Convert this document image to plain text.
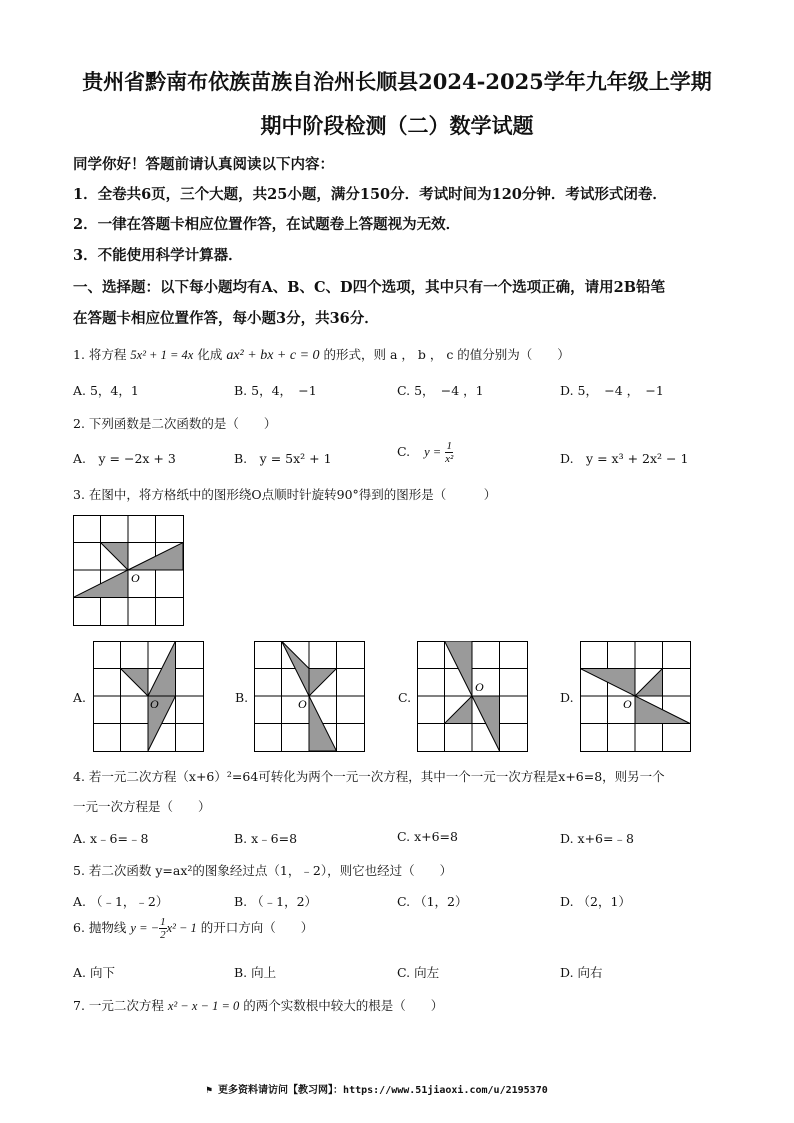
贵州省黔南布依族苗族自治州长顺县2024-2025学年九年级上学期
期中阶段检测（二）数学试题
同学你好！答题前请认真阅读以下内容：
1．全卷共6页，三个大题，共25小题，满分150分．考试时间为120分钟．考试形式闭卷．
2．一律在答题卡相应位置作答，在试题卷上答题视为无效．
3．不能使用科学计算器．
一、选择题：以下每小题均有A、B、C、D四个选项，其中只有一个选项正确，请用2B铅笔
在答题卡相应位置作答，每小题3分，共36分．
1. 将方程 5x² + 1 = 4x 化成 ax² + bx + c = 0 的形式，则 a ， b ， c 的值分别为（　　）
A. 5，4，1	B. 5，4，　−1	C. 5，　−4 ，1	D. 5，　−4 ，　−1
2. 下列函数是二次函数的是（　　）
A.　y = −2x + 3	B.　y = 5x² + 1	C. $y = \frac{1}{\text{x²}}$	D.　y = x³ + 2x² − 1
3. 在图中，将方格纸中的图形绕O点顺时针旋转90°得到的图形是（　　　）
O
A.	O	B.	O	C.
O
D.	O
4. 若一元二次方程（x+6）²=64可转化为两个一元一次方程，其中一个一元一次方程是x+6=8，则另一个
一元一次方程是（　　）
A. x﹣6=﹣8	B. x﹣6=8	C. x+6=8	D. x+6=﹣8
5. 若二次函数 y=ax²的图象经过点（1，﹣2），则它也经过（　　）
A. （﹣1，﹣2）	B. （﹣1，2）	C. （1，2）	D. （2，1）
6. 抛物线 y = − $\frac{1}{2} x^2 - 1$ 的开口方向（　　）
A. 向下	B. 向上	C. 向左	D. 向右
7. 一元二次方程 x² − x − 1 = 0 的两个实数根中较大的根是（　　）
⚑ 更多资料请访问【教习网】：https://www.51jiaoxi.com/u/2195370
